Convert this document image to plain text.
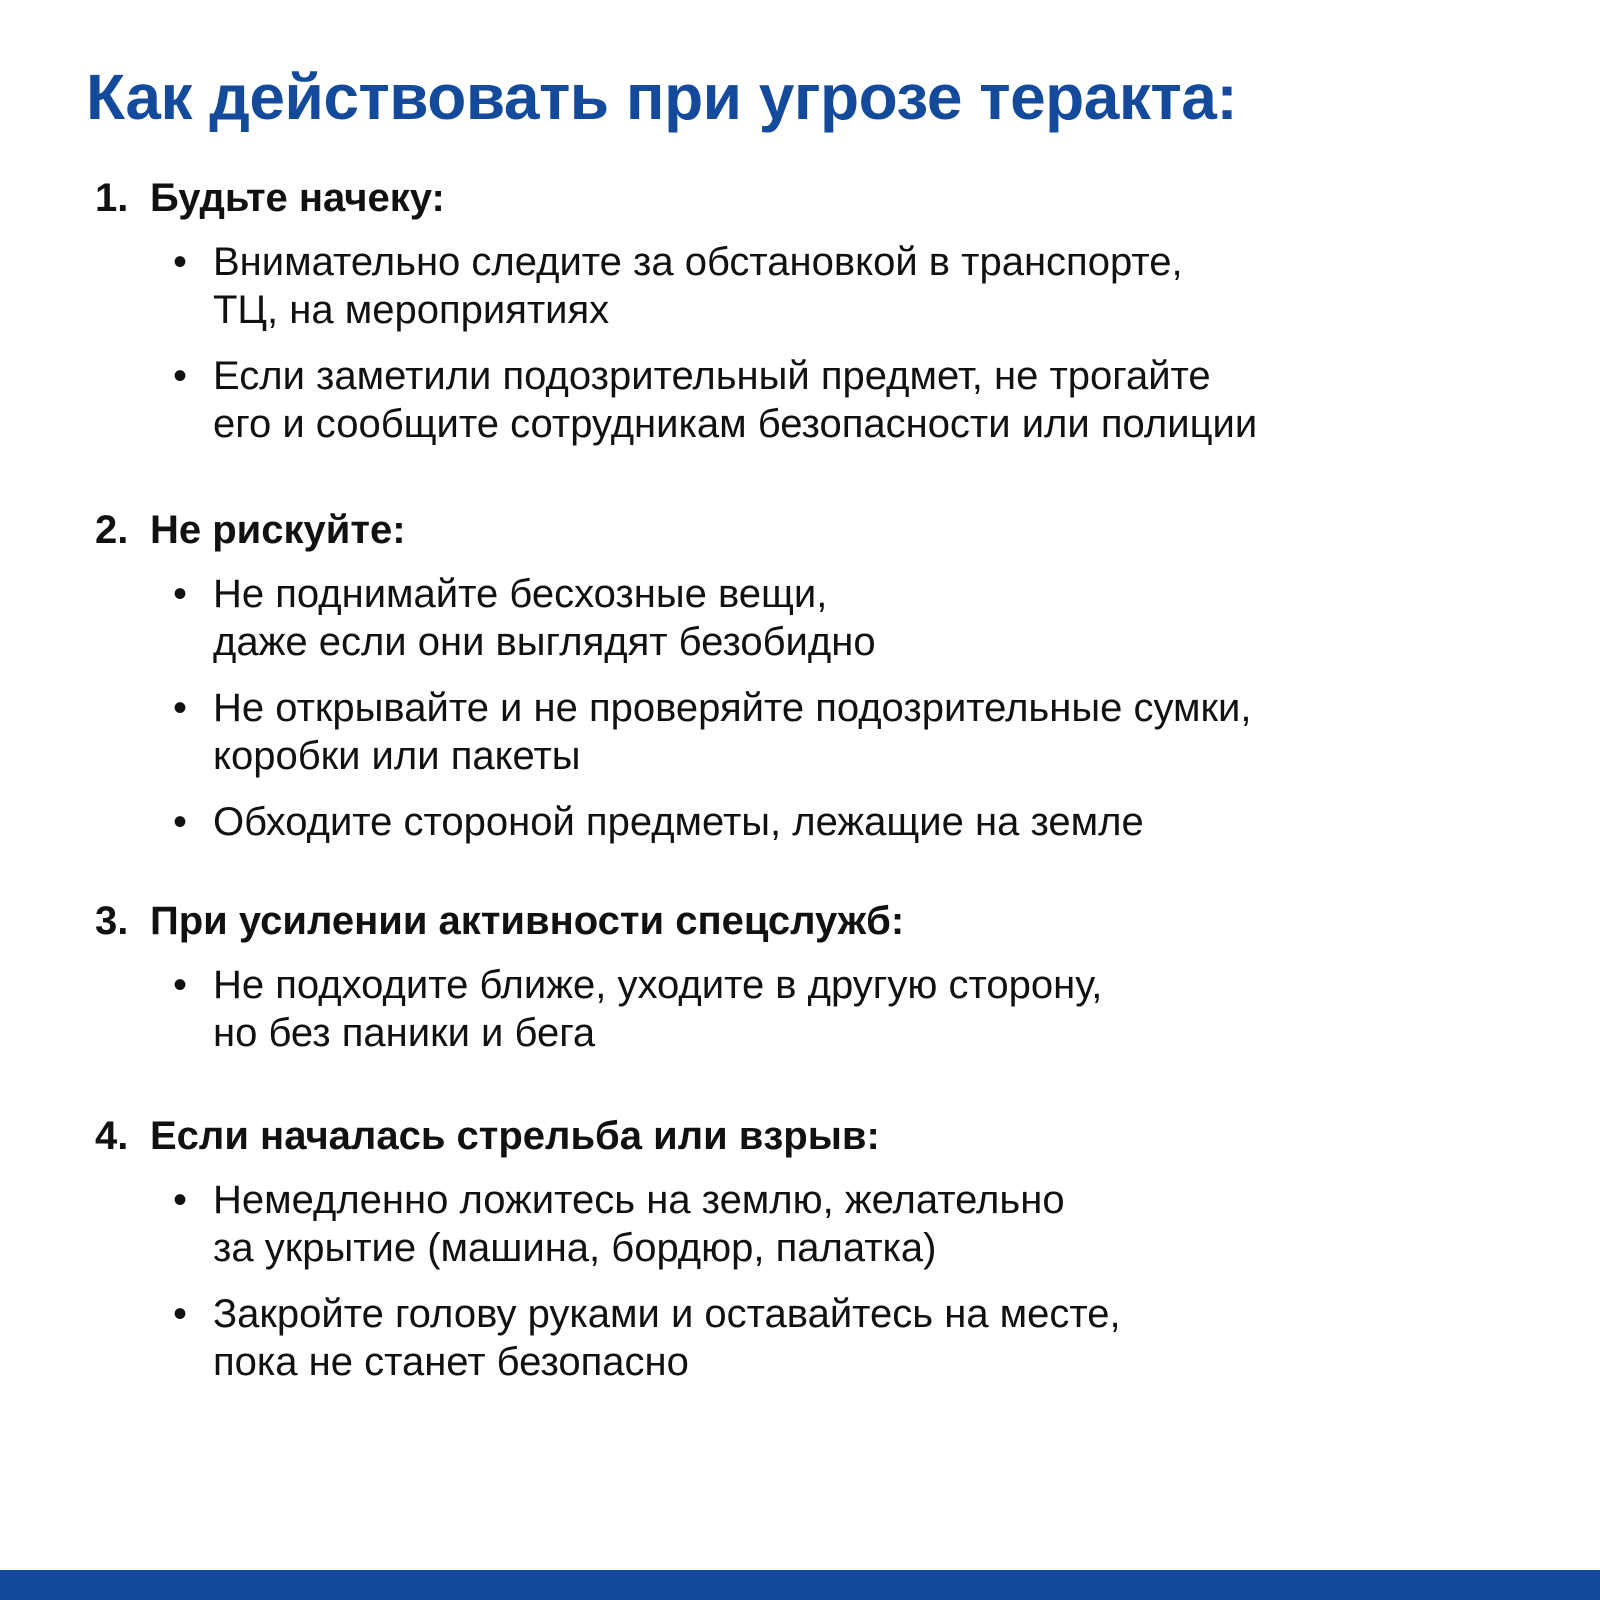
Как действовать при угрозе теракта:
1. Будьте начеку:
• Внимательно следите за обстановкой в транспорте,
ТЦ, на мероприятиях
• Если заметили подозрительный предмет, не трогайте
его и сообщите сотрудникам безопасности или полиции
2. Не рискуйте:
• Не поднимайте бесхозные вещи,
даже если они выглядят безобидно
• Не открывайте и не проверяйте подозрительные сумки,
коробки или пакеты
• Обходите стороной предметы, лежащие на земле
3. При усилении активности спецслужб:
• Не подходите ближе, уходите в другую сторону,
но без паники и бега
4. Если началась стрельба или взрыв:
• Немедленно ложитесь на землю, желательно
за укрытие (машина, бордюр, палатка)
• Закройте голову руками и оставайтесь на месте,
пока не станет безопасно
